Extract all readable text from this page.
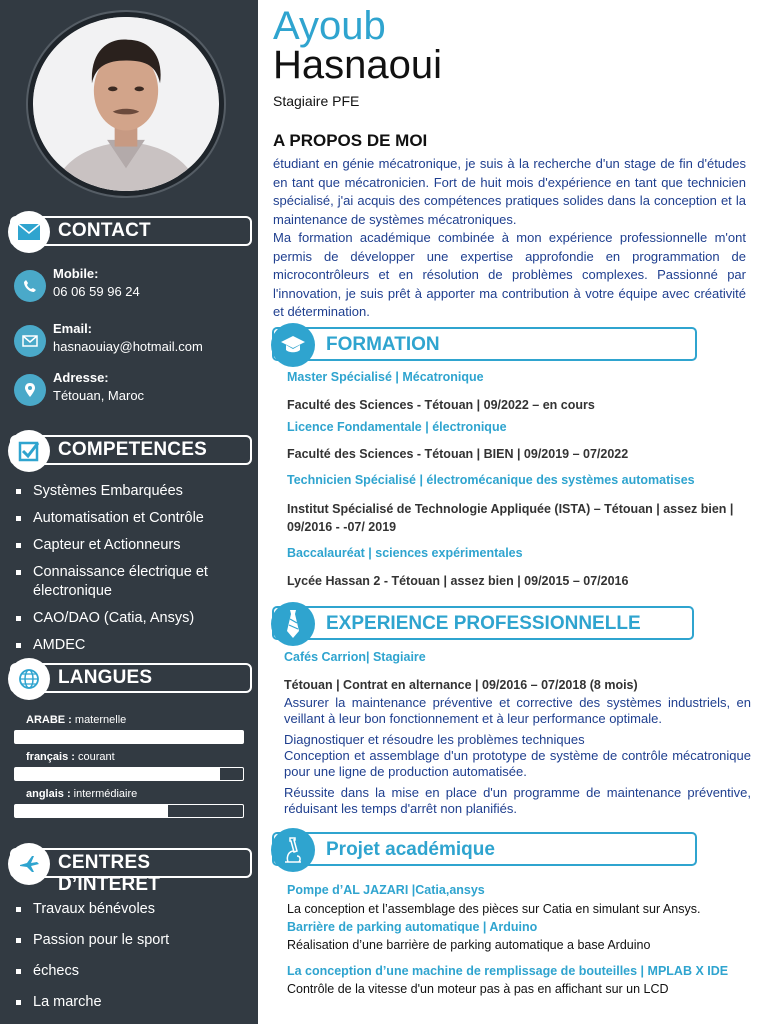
CONTACT
Mobile:
06 06 59 96 24
Email:
hasnaouiay@hotmail.com
Adresse:
Tétouan, Maroc
COMPETENCES
Systèmes Embarquées
Automatisation et Contrôle
Capteur et Actionneurs
Connaissance électrique et électronique
CAO/DAO (Catia, Ansys)
AMDEC
LANGUES
ARABE : maternelle
français : courant
anglais : intermédiaire
CENTRES D’INTERET
Travaux bénévoles
Passion pour le sport
échecs
La marche
Ayoub
Hasnaoui
Stagiaire PFE
A PROPOS DE MOI

étudiant en génie mécatronique, je suis à la recherche d'un stage de fin d'études en tant que mécatronicien. Fort de huit mois d'expérience en tant que technicien spécialisé, j'ai acquis des compétences pratiques solides dans la conception et la maintenance de systèmes mécatroniques.

Ma formation académique combinée à mon expérience professionnelle m'ont permis de développer une expertise approfondie en programmation de microcontrôleurs et en résolution de problèmes complexes. Passionné par l'innovation, je suis prêt à apporter ma contribution à votre équipe avec créativité et détermination.

FORMATION
Master Spécialisé | Mécatronique
Faculté des Sciences - Tétouan | 09/2022 – en cours
Licence Fondamentale | électronique
Faculté des Sciences - Tétouan | BIEN | 09/2019 – 07/2022
Technicien Spécialisé | électromécanique des systèmes automatises
Institut Spécialisé de Technologie Appliquée (ISTA) – Tétouan | assez bien | 09/2016 - -07/ 2019
Baccalauréat | sciences expérimentales
Lycée Hassan 2 - Tétouan | assez bien | 09/2015 – 07/2016
EXPERIENCE PROFESSIONNELLE
Cafés Carrion| Stagiaire
Tétouan | Contrat en alternance | 09/2016 – 07/2018 (8 mois)
Assurer la maintenance préventive et corrective des systèmes industriels, en veillant à leur bon fonctionnement et à leur performance optimale.
Diagnostiquer et résoudre les problèmes techniques
Conception et assemblage d'un prototype de système de contrôle mécatronique pour une ligne de production automatisée.
Réussite dans la mise en place d'un programme de maintenance préventive, réduisant les temps d'arrêt non planifiés.
Projet académique
Pompe d’AL JAZARI |Catia,ansys
La conception et l’assemblage des pièces sur Catia en simulant sur Ansys.
Barrière de parking automatique | Arduino
Réalisation d’une barrière de parking automatique a base Arduino
La conception d’une machine de remplissage de bouteilles | MPLAB X IDE
Contrôle de la vitesse d'un moteur pas à pas en affichant sur un LCD
